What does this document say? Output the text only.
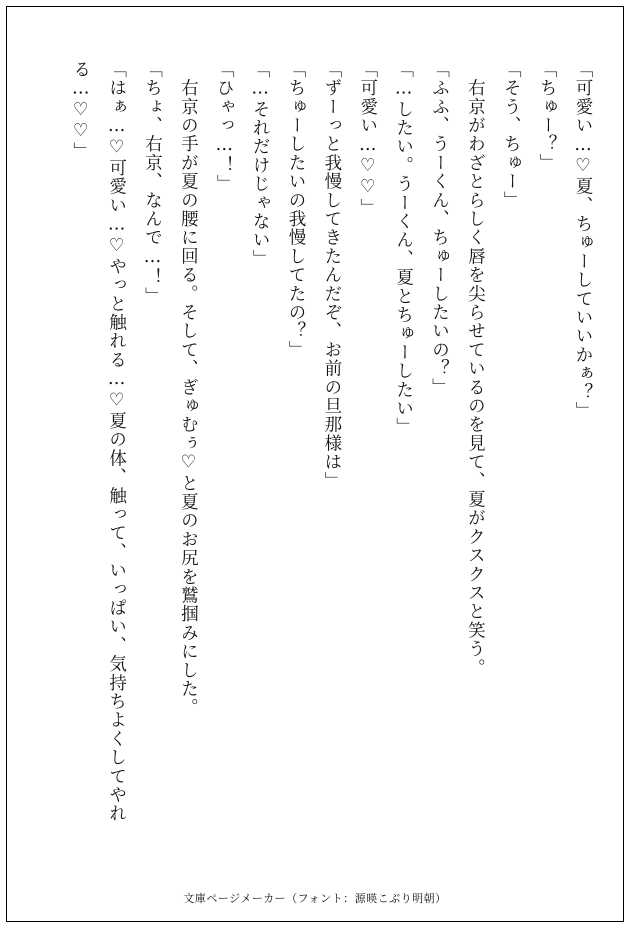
「可愛い…♡夏、ちゅーしていいかぁ？」

「ちゅー？」

「そう、ちゅー」

　右京がわざとらしく唇を尖らせているのを見て、夏がクスクスと笑う。

「ふふ、うーくん、ちゅーしたいの？」

「…したい。うーくん、夏とちゅーしたい」

「可愛い…♡♡」

「ずーっと我慢してきたんだぞ、お前の旦那様は」

「ちゅーしたいの我慢してたの？」

「…それだけじゃない」

「ひゃっ…！」

　右京の手が夏の腰に回る。そして、ぎゅむぅ♡と夏のお尻を鷲掴みにした。

「ちょ、右京、なんで…！」

「はぁ…♡可愛い…♡やっと触れる…♡夏の体、触って、いっぱい、気持ちよくしてやれる…♡♡」

文庫ページメーカー（フォント：源暎こぶり明朝）
